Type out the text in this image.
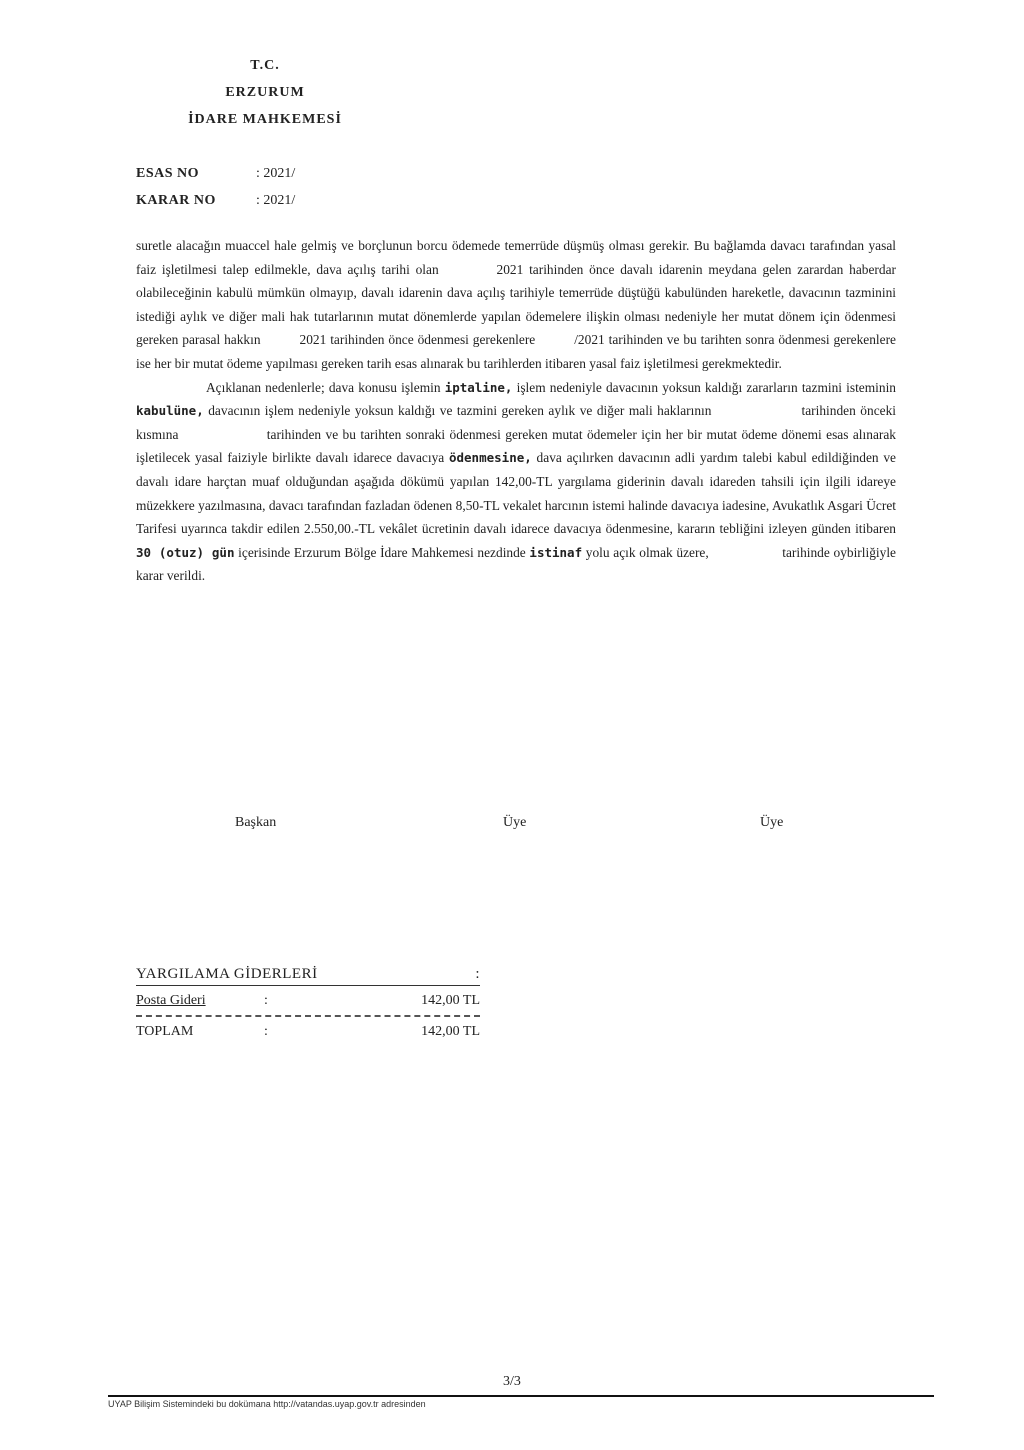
T.C.
ERZURUM
İDARE MAHKEMESİ
ESAS NO	: 2021/
KARAR NO	: 2021/

suretle alacağın muaccel hale gelmiş ve borçlunun borcu ödemede temerrüde düşmüş olması gerekir. Bu bağlamda davacı tarafından yasal faiz işletilmesi talep edilmekle, dava açılış tarihi olan          2021 tarihinden önce davalı idarenin meydana gelen zarardan haberdar olabileceğinin kabulü mümkün olmayıp, davalı idarenin dava açılış tarihiyle temerrüde düştüğü kabulünden hareketle, davacının tazminini istediği aylık ve diğer mali hak tutarlarının mutat dönemlerde yapılan ödemelere ilişkin olması nedeniyle her mutat dönem için ödenmesi gereken parasal hakkın          2021 tarihinden önce ödenmesi gerekenlere          /2021 tarihinden ve bu tarihten sonra ödenmesi gerekenlere ise her bir mutat ödeme yapılması gereken tarih esas alınarak bu tarihlerden itibaren yasal faiz işletilmesi gerekmektedir.

Açıklanan nedenlerle; dava konusu işlemin iptaline, işlem nedeniyle davacının yoksun kaldığı zararların tazmini isteminin kabulüne, davacının işlem nedeniyle yoksun kaldığı ve tazmini gereken aylık ve diğer mali haklarının                    tarihinden önceki kısmına                    tarihinden ve bu tarihten sonraki ödenmesi gereken mutat ödemeler için her bir mutat ödeme dönemi esas alınarak işletilecek yasal faiziyle birlikte davalı idarece davacıya ödenmesine, dava açılırken davacının adli yardım talebi kabul edildiğinden ve davalı idare harçtan muaf olduğundan aşağıda dökümü yapılan 142,00-TL yargılama giderinin davalı idareden tahsili için ilgili idareye müzekkere yazılmasına, davacı tarafından fazladan ödenen 8,50-TL vekalet harcının istemi halinde davacıya iadesine, Avukatlık Asgari Ücret Tarifesi uyarınca takdir edilen 2.550,00.-TL vekâlet ücretinin davalı idarece davacıya ödenmesine, kararın tebliğini izleyen günden itibaren 30 (otuz) gün içerisinde Erzurum Bölge İdare Mahkemesi nezdinde istinaf yolu açık olmak üzere,                    tarihinde oybirliğiyle karar verildi.

Başkan	Üye	Üye
YARGILAMA GİDERLERİ	:
Posta Gideri	:	142,00 TL
TOPLAM	:	142,00 TL
3/3
UYAP Bilişim Sistemindeki bu dokümana http://vatandas.uyap.gov.tr adresinden
